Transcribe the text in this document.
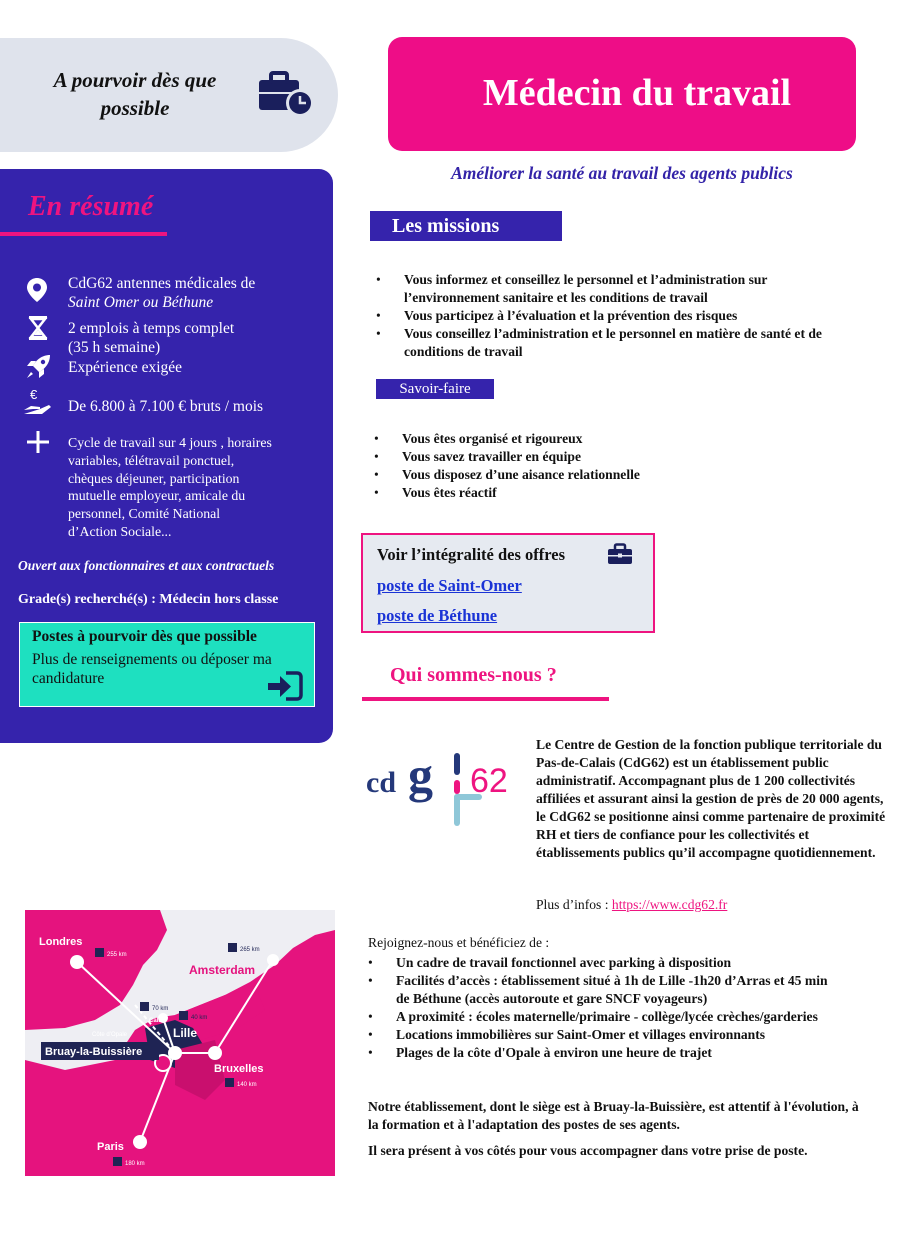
A pourvoir dès que possible	Médecin du travail
Améliorer la santé au travail des agents publics
En résumé
CdG62 antennes médicales de
Saint Omer ou Béthune
2 emplois à temps complet
(35 h semaine)
Expérience exigée
€
De 6.800 à 7.100 € bruts / mois
Cycle de travail sur 4 jours , horaires
variables, télétravail ponctuel,
chèques déjeuner, participation
mutuelle employeur, amicale du
personnel, Comité National
d’Action Sociale...
Ouvert aux fonctionnaires et aux contractuels
Grade(s) recherché(s) : Médecin hors classe
Postes à pourvoir dès que possible
Plus de renseignements ou déposer ma candidature
Les missions
• Vous informez et conseillez le personnel et l’administration sur l’environnement sanitaire et les conditions de travail
• Vous participez à l’évaluation et la prévention des risques
• Vous conseillez l’administration et le personnel en matière de santé et de conditions de travail
Savoir-faire
• Vous êtes organisé et rigoureux
• Vous savez travailler en équipe
• Vous disposez d’une aisance relationnelle
• Vous êtes réactif
Voir l’intégralité des offres
poste de Saint-Omer
poste de Béthune
Qui sommes-nous ?
cd g 62
cdg62
Le Centre de Gestion de la fonction publique territoriale du Pas-de-Calais (CdG62) est un établissement public administratif. Accompagnant plus de 1 200 collectivités affiliées et assurant ainsi la gestion de près de 20 000 agents, le CdG62 se positionne ainsi comme partenaire de proximité RH et tiers de confiance pour les collectivités et établissements publics qu’il accompagne quotidiennement.
Plus d’infos : https://www.cdg62.fr
Rejoignez-nous et bénéficiez de :
• Un cadre de travail fonctionnel avec parking à disposition
• Facilités d’accès : établissement situé à 1h de Lille -1h20 d’Arras et 45 min de Béthune (accès autoroute et gare SNCF voyageurs)
• A proximité : écoles maternelle/primaire - collège/lycée crèches/garderies
• Locations immobilières sur Saint-Omer et villages environnants
• Plages de la côte d'Opale à environ une heure de trajet
Notre établissement, dont le siège est à Bruay-la-Buissière, est attentif à l'évolution, à la formation et à l'adaptation des postes de ses agents.
Il sera présent à vos côtés pour vous accompagner dans votre prise de poste.
Londres
255 km
265 km
Amsterdam
70 km
Calais	40 km
Lille
Côte d’Opale
Bruay-la-Buissière
Bruxelles
140 km
Paris
180 km
